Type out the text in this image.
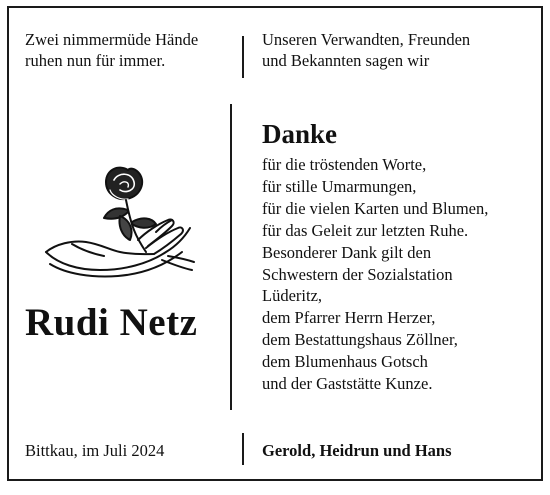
Zwei nimmermüde Hände
ruhen nun für immer.
Rudi Netz
Bittkau, im Juli 2024
Unseren Verwandten, Freunden
und Bekannten sagen wir
Danke
für die tröstenden Worte,
für stille Umarmungen,
für die vielen Karten und Blumen,
für das Geleit zur letzten Ruhe.
Besonderer Dank gilt den
Schwestern der Sozialstation
Lüderitz,
dem Pfarrer Herrn Herzer,
dem Bestattungshaus Zöllner,
dem Blumenhaus Gotsch
und der Gaststätte Kunze.
Gerold, Heidrun und Hans
